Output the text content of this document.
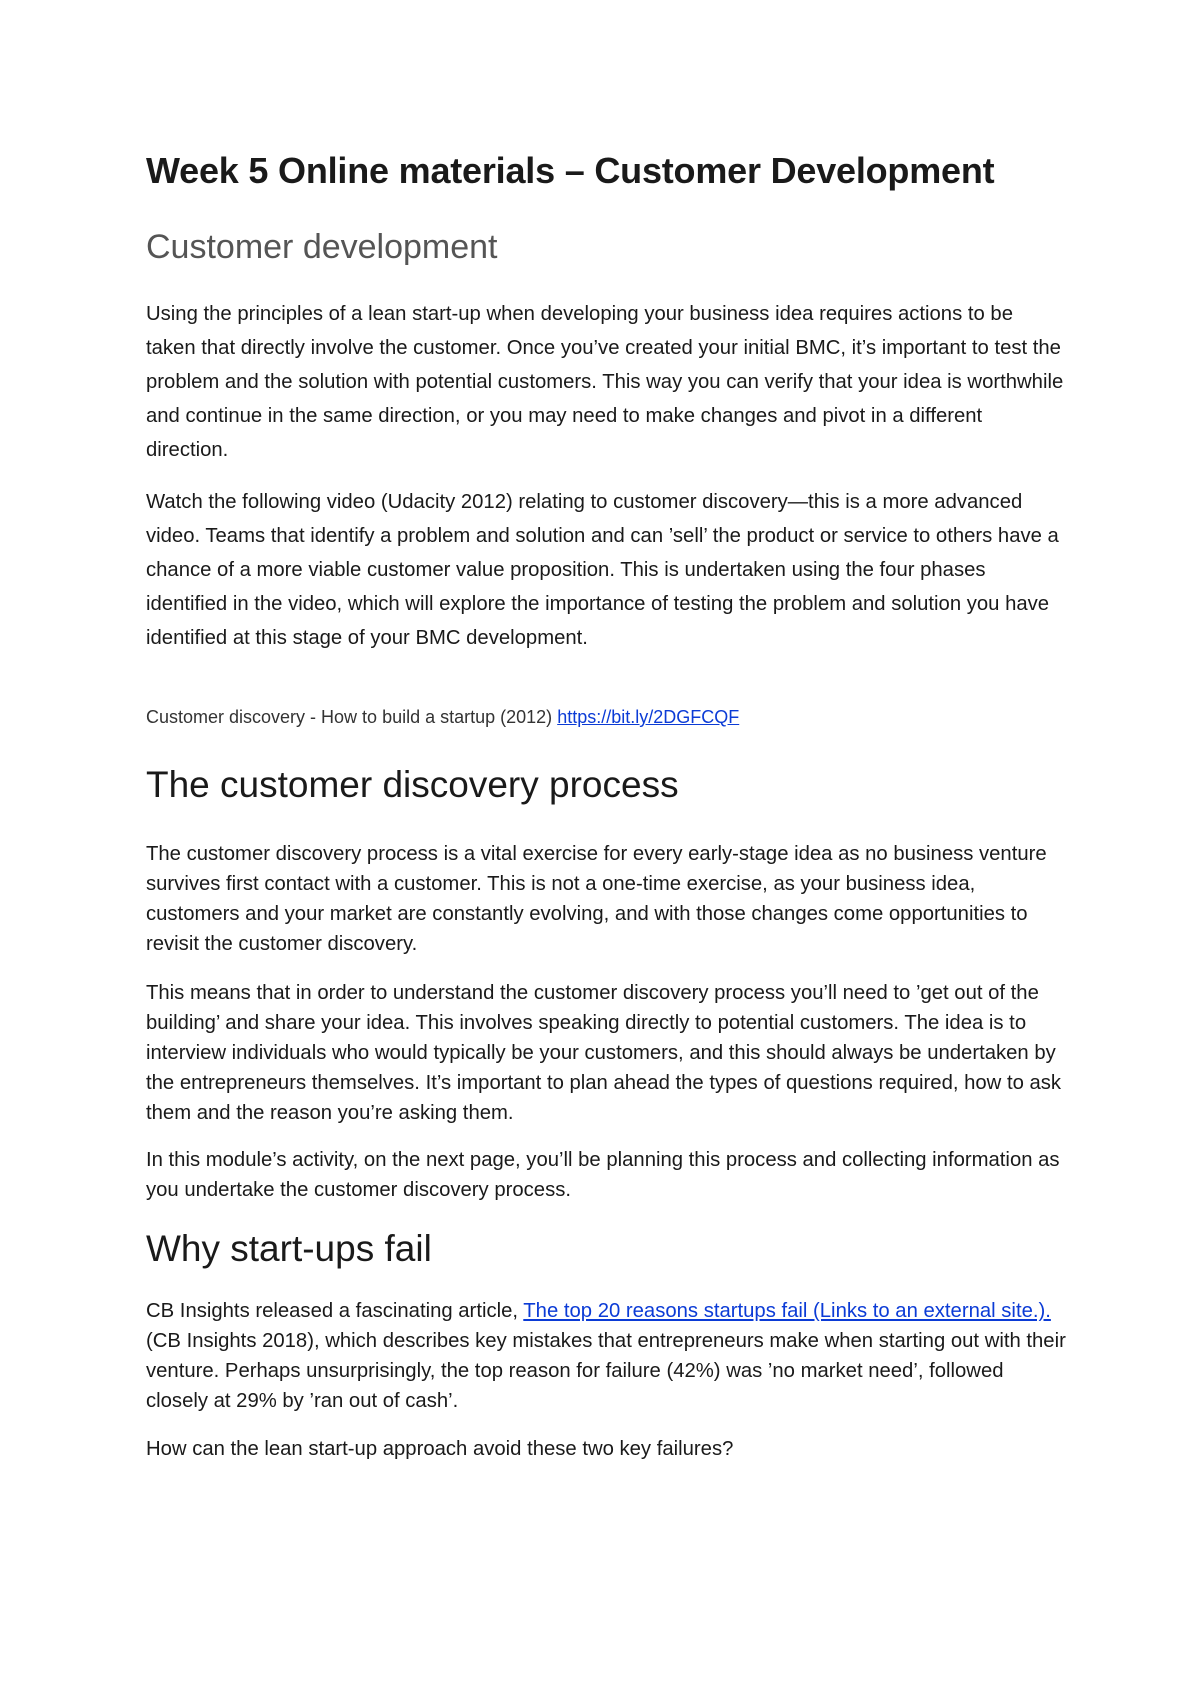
Week 5 Online materials – Customer Development
Customer development

Using the principles of a lean start-up when developing your business idea requires actions to be taken that directly involve the customer. Once you’ve created your initial BMC, it’s important to test the problem and the solution with potential customers. This way you can verify that your idea is worthwhile and continue in the same direction, or you may need to make changes and pivot in a different direction.

Watch the following video (Udacity 2012) relating to customer discovery—this is a more advanced video. Teams that identify a problem and solution and can ’sell’ the product or service to others have a chance of a more viable customer value proposition. This is undertaken using the four phases identified in the video, which will explore the importance of testing the problem and solution you have identified at this stage of your BMC development.

Customer discovery - How to build a startup (2012) https://bit.ly/2DGFCQF

The customer discovery process

The customer discovery process is a vital exercise for every early-stage idea as no business venture survives first contact with a customer. This is not a one-time exercise, as your business idea, customers and your market are constantly evolving, and with those changes come opportunities to revisit the customer discovery.

This means that in order to understand the customer discovery process you’ll need to ’get out of the building’ and share your idea. This involves speaking directly to potential customers. The idea is to interview individuals who would typically be your customers, and this should always be undertaken by the entrepreneurs themselves. It’s important to plan ahead the types of questions required, how to ask them and the reason you’re asking them.

In this module’s activity, on the next page, you’ll be planning this process and collecting information as you undertake the customer discovery process.

Why start-ups fail

CB Insights released a fascinating article, The top 20 reasons startups fail (Links to an external site.). (CB Insights 2018), which describes key mistakes that entrepreneurs make when starting out with their venture. Perhaps unsurprisingly, the top reason for failure (42%) was ’no market need’, followed closely at 29% by ’ran out of cash’.

How can the lean start-up approach avoid these two key failures?
